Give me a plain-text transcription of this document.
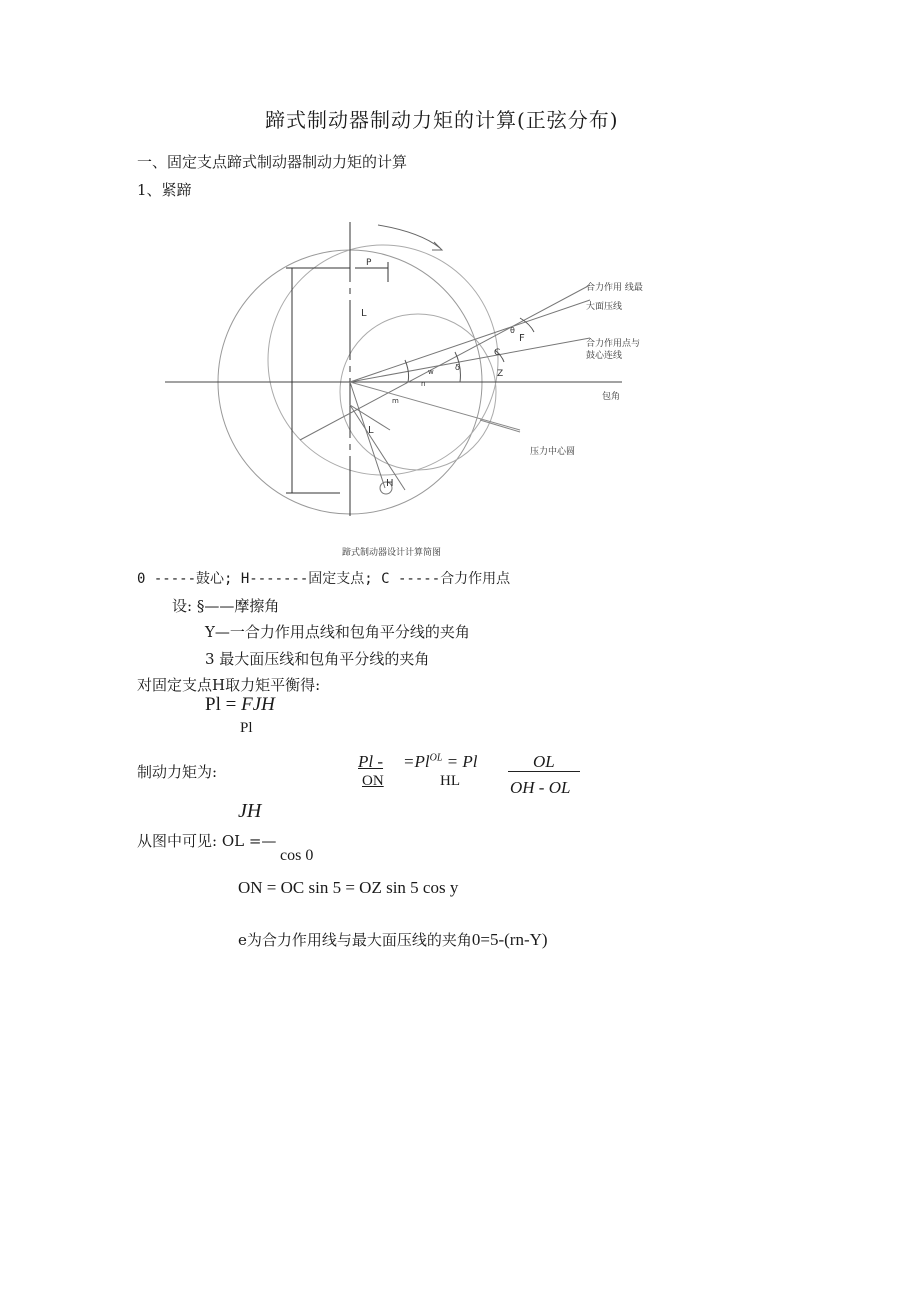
蹄式制动器制动力矩的计算(正弦分布)
一、固定支点蹄式制动器制动力矩的计算
1、紧蹄
P
L
L
H
F
θ
Z
C
δ
w
n
m
合力作用 线最
大面压线
合力作用点与
鼓心连线
包角
压力中心圆
蹄式制动器设计计算简图
0 -----鼓心; H-------固定支点; C -----合力作用点
设: §——摩擦角
Y—一合力作用点线和包角平分线的夹角
3 最大面压线和包角平分线的夹角
对固定支点H取力矩平衡得:
Pl = FJH
Pl
制动力矩为:
Pl -
ON
$=Pl^{OL} = Pl$
HL
OL
OH - OL
JH
从图中可见: OL =—
cos 0
ON = OC sin 5 = OZ sin 5 cos y
e为合力作用线与最大面压线的夹角0=5-(rn-Y)
